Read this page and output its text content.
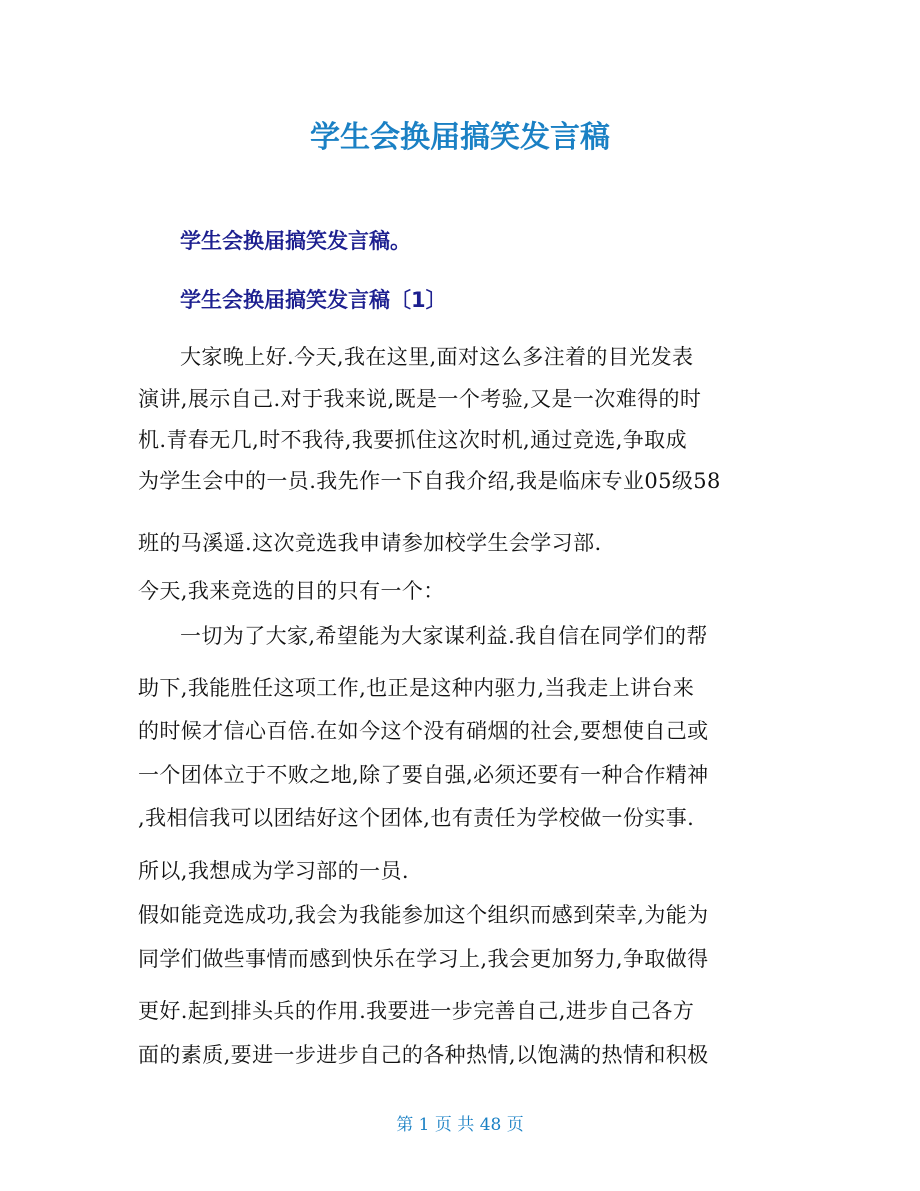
学生会换届搞笑发言稿

学生会换届搞笑发言稿。

学生会换届搞笑发言稿〔1〕

大家晚上好.今天,我在这里,面对这么多注着的目光发表

演讲,展示自己.对于我来说,既是一个考验,又是一次难得的时

机.青春无几,时不我待,我要抓住这次时机,通过竞选,争取成

为学生会中的一员.我先作一下自我介绍,我是临床专业05级58

班的马溪遥.这次竞选我申请参加校学生会学习部.

今天,我来竞选的目的只有一个：

一切为了大家,希望能为大家谋利益.我自信在同学们的帮

助下,我能胜任这项工作,也正是这种内驱力,当我走上讲台来

的时候才信心百倍.在如今这个没有硝烟的社会,要想使自己或

一个团体立于不败之地,除了要自强,必须还要有一种合作精神

,我相信我可以团结好这个团体,也有责任为学校做一份实事.

所以,我想成为学习部的一员.

假如能竞选成功,我会为我能参加这个组织而感到荣幸,为能为

同学们做些事情而感到快乐在学习上,我会更加努力,争取做得

更好.起到排头兵的作用.我要进一步完善自己,进步自己各方

面的素质,要进一步进步自己的各种热情,以饱满的热情和积极

第 1 页 共 48 页
